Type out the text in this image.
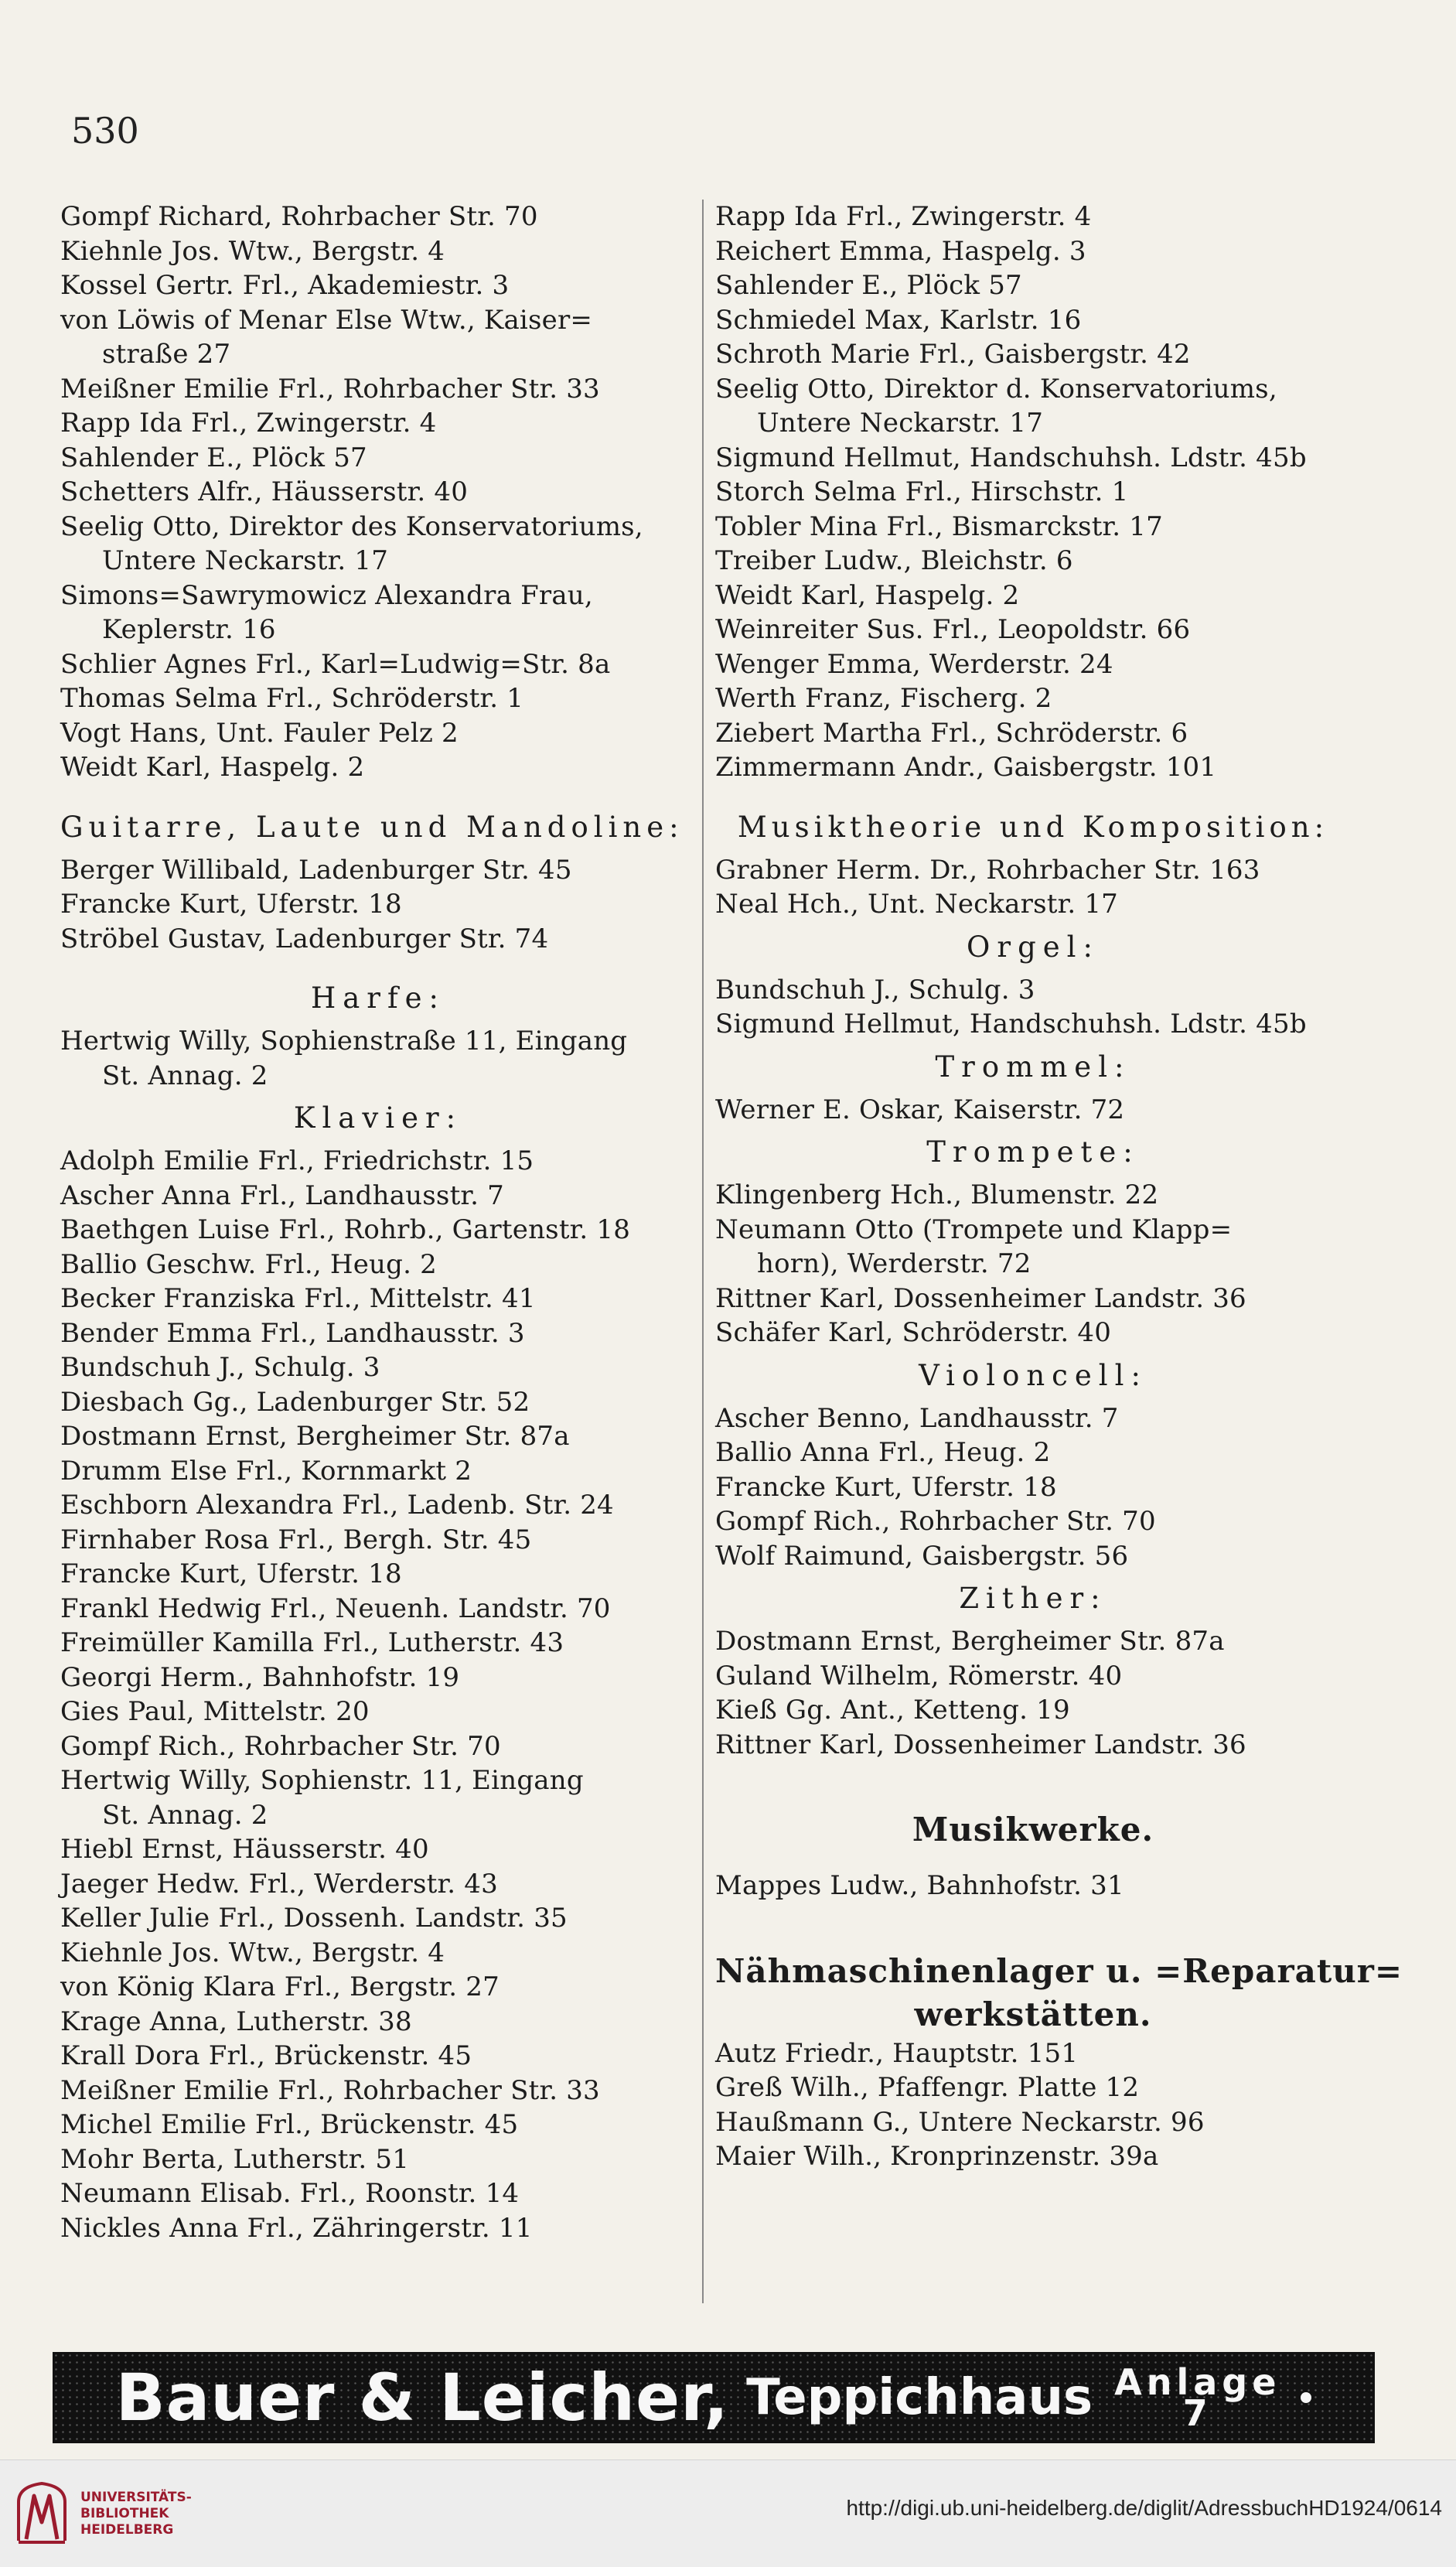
530
Gompf Richard, Rohrbacher Str. 70
Kiehnle Jos. Wtw., Bergstr. 4
Kossel Gertr. Frl., Akademiestr. 3
von Löwis of Menar Else Wtw., Kaiser=
straße 27
Meißner Emilie Frl., Rohrbacher Str. 33
Rapp Ida Frl., Zwingerstr. 4
Sahlender E., Plöck 57
Schetters Alfr., Häusserstr. 40
Seelig Otto, Direktor des Konservatoriums,
Untere Neckarstr. 17
Simons=Sawrymowicz Alexandra Frau,
Keplerstr. 16
Schlier Agnes Frl., Karl=Ludwig=Str. 8a
Thomas Selma Frl., Schröderstr. 1
Vogt Hans, Unt. Fauler Pelz 2
Weidt Karl, Haspelg. 2
Guitarre, Laute und Mandoline:
Berger Willibald, Ladenburger Str. 45
Francke Kurt, Uferstr. 18
Ströbel Gustav, Ladenburger Str. 74
Harfe:
Hertwig Willy, Sophienstraße 11, Eingang
St. Annag. 2
Klavier:
Adolph Emilie Frl., Friedrichstr. 15
Ascher Anna Frl., Landhausstr. 7
Baethgen Luise Frl., Rohrb., Gartenstr. 18
Ballio Geschw. Frl., Heug. 2
Becker Franziska Frl., Mittelstr. 41
Bender Emma Frl., Landhausstr. 3
Bundschuh J., Schulg. 3
Diesbach Gg., Ladenburger Str. 52
Dostmann Ernst, Bergheimer Str. 87a
Drumm Else Frl., Kornmarkt 2
Eschborn Alexandra Frl., Ladenb. Str. 24
Firnhaber Rosa Frl., Bergh. Str. 45
Francke Kurt, Uferstr. 18
Frankl Hedwig Frl., Neuenh. Landstr. 70
Freimüller Kamilla Frl., Lutherstr. 43
Georgi Herm., Bahnhofstr. 19
Gies Paul, Mittelstr. 20
Gompf Rich., Rohrbacher Str. 70
Hertwig Willy, Sophienstr. 11, Eingang
St. Annag. 2
Hiebl Ernst, Häusserstr. 40
Jaeger Hedw. Frl., Werderstr. 43
Keller Julie Frl., Dossenh. Landstr. 35
Kiehnle Jos. Wtw., Bergstr. 4
von König Klara Frl., Bergstr. 27
Krage Anna, Lutherstr. 38
Krall Dora Frl., Brückenstr. 45
Meißner Emilie Frl., Rohrbacher Str. 33
Michel Emilie Frl., Brückenstr. 45
Mohr Berta, Lutherstr. 51
Neumann Elisab. Frl., Roonstr. 14
Nickles Anna Frl., Zähringerstr. 11
Rapp Ida Frl., Zwingerstr. 4
Reichert Emma, Haspelg. 3
Sahlender E., Plöck 57
Schmiedel Max, Karlstr. 16
Schroth Marie Frl., Gaisbergstr. 42
Seelig Otto, Direktor d. Konservatoriums,
Untere Neckarstr. 17
Sigmund Hellmut, Handschuhsh. Ldstr. 45b
Storch Selma Frl., Hirschstr. 1
Tobler Mina Frl., Bismarckstr. 17
Treiber Ludw., Bleichstr. 6
Weidt Karl, Haspelg. 2
Weinreiter Sus. Frl., Leopoldstr. 66
Wenger Emma, Werderstr. 24
Werth Franz, Fischerg. 2
Ziebert Martha Frl., Schröderstr. 6
Zimmermann Andr., Gaisbergstr. 101
Musiktheorie und Komposition:
Grabner Herm. Dr., Rohrbacher Str. 163
Neal Hch., Unt. Neckarstr. 17
Orgel:
Bundschuh J., Schulg. 3
Sigmund Hellmut, Handschuhsh. Ldstr. 45b
Trommel:
Werner E. Oskar, Kaiserstr. 72
Trompete:
Klingenberg Hch., Blumenstr. 22
Neumann Otto (Trompete und Klapp=
horn), Werderstr. 72
Rittner Karl, Dossenheimer Landstr. 36
Schäfer Karl, Schröderstr. 40
Violoncell:
Ascher Benno, Landhausstr. 7
Ballio Anna Frl., Heug. 2
Francke Kurt, Uferstr. 18
Gompf Rich., Rohrbacher Str. 70
Wolf Raimund, Gaisbergstr. 56
Zither:
Dostmann Ernst, Bergheimer Str. 87a
Guland Wilhelm, Römerstr. 40
Kieß Gg. Ant., Ketteng. 19
Rittner Karl, Dossenheimer Landstr. 36
Musikwerke.
Mappes Ludw., Bahnhofstr. 31
Nähmaschinenlager u. =Reparatur=
werkstätten.
Autz Friedr., Hauptstr. 151
Greß Wilh., Pfaffengr. Platte 12
Haußmann G., Untere Neckarstr. 96
Maier Wilh., Kronprinzenstr. 39a
Bauer & Leicher, Teppichhaus Anlage
7
UNIVERSITÄTS-
BIBLIOTHEK
HEIDELBERG
http://digi.ub.uni-heidelberg.de/diglit/AdressbuchHD1924/0614
